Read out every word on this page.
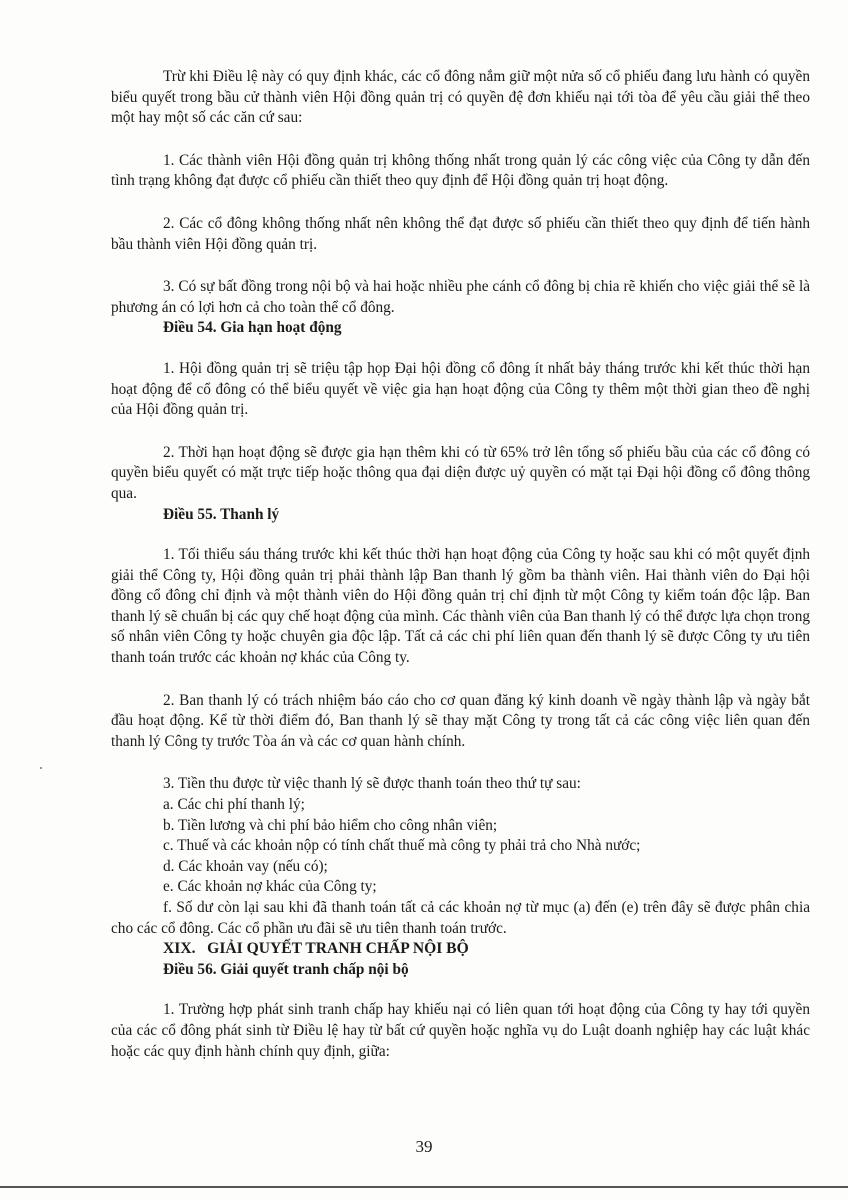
Trừ khi Điều lệ này có quy định khác, các cổ đông nắm giữ một nửa số cổ phiếu đang lưu hành có quyền biểu quyết trong bầu cử thành viên Hội đồng quản trị có quyền đệ đơn khiếu nại tới tòa để yêu cầu giải thể theo một hay một số các căn cứ sau:

1. Các thành viên Hội đồng quản trị không thống nhất trong quản lý các công việc của Công ty dẫn đến tình trạng không đạt được cổ phiếu cần thiết theo quy định để Hội đồng quản trị hoạt động.

2. Các cổ đông không thống nhất nên không thể đạt được số phiếu cần thiết theo quy định để tiến hành bầu thành viên Hội đồng quản trị.

3. Có sự bất đồng trong nội bộ và hai hoặc nhiều phe cánh cổ đông bị chia rẽ khiến cho việc giải thể sẽ là phương án có lợi hơn cả cho toàn thể cổ đông.

Điều 54. Gia hạn hoạt động

1. Hội đồng quản trị sẽ triệu tập họp Đại hội đồng cổ đông ít nhất bảy tháng trước khi kết thúc thời hạn hoạt động để cổ đông có thể biểu quyết về việc gia hạn hoạt động của Công ty thêm một thời gian theo đề nghị của Hội đồng quản trị.

2. Thời hạn hoạt động sẽ được gia hạn thêm khi có từ 65% trở lên tổng số phiếu bầu của các cổ đông có quyền biểu quyết có mặt trực tiếp hoặc thông qua đại diện được uỷ quyền có mặt tại Đại hội đồng cổ đông thông qua.

Điều 55. Thanh lý

1. Tối thiểu sáu tháng trước khi kết thúc thời hạn hoạt động của Công ty hoặc sau khi có một quyết định giải thể Công ty, Hội đồng quản trị phải thành lập Ban thanh lý gồm ba thành viên. Hai thành viên do Đại hội đồng cổ đông chỉ định và một thành viên do Hội đồng quản trị chỉ định từ một Công ty kiểm toán độc lập. Ban thanh lý sẽ chuẩn bị các quy chế hoạt động của mình. Các thành viên của Ban thanh lý có thể được lựa chọn trong số nhân viên Công ty hoặc chuyên gia độc lập. Tất cả các chi phí liên quan đến thanh lý sẽ được Công ty ưu tiên thanh toán trước các khoản nợ khác của Công ty.

2. Ban thanh lý có trách nhiệm báo cáo cho cơ quan đăng ký kinh doanh về ngày thành lập và ngày bắt đầu hoạt động. Kể từ thời điểm đó, Ban thanh lý sẽ thay mặt Công ty trong tất cả các công việc liên quan đến thanh lý Công ty trước Tòa án và các cơ quan hành chính.

3. Tiền thu được từ việc thanh lý sẽ được thanh toán theo thứ tự sau:

a. Các chi phí thanh lý;

b. Tiền lương và chi phí bảo hiểm cho công nhân viên;

c. Thuế và các khoản nộp có tính chất thuế mà công ty phải trả cho Nhà nước;

d. Các khoản vay (nếu có);

e. Các khoản nợ khác của Công ty;

f. Số dư còn lại sau khi đã thanh toán tất cả các khoản nợ từ mục (a) đến (e) trên đây sẽ được phân chia cho các cổ đông. Các cổ phần ưu đãi sẽ ưu tiên thanh toán trước.

XIX.   GIẢI QUYẾT TRANH CHẤP NỘI BỘ
Điều 56. Giải quyết tranh chấp nội bộ

1. Trường hợp phát sinh tranh chấp hay khiếu nại có liên quan tới hoạt động của Công ty hay tới quyền của các cổ đông phát sinh từ Điều lệ hay từ bất cứ quyền hoặc nghĩa vụ do Luật doanh nghiệp hay các luật khác hoặc các quy định hành chính quy định, giữa:

39
